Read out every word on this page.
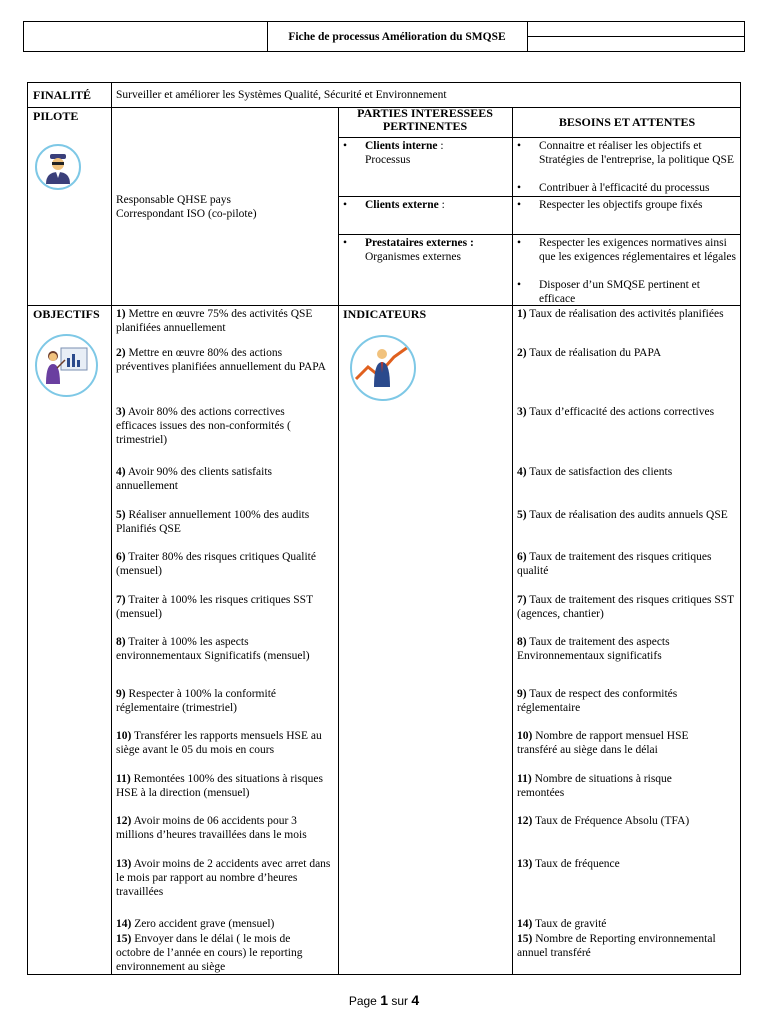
Fiche de processus Amélioration du SMQSE
FINALITÉ Surveiller et améliorer les Systèmes Qualité, Sécurité et Environnement
PILOTE
Responsable QHSE pays
Correspondant ISO (co-pilote)
PARTIES INTERESSEES PERTINENTES	BESOINS ET ATTENTES
• Clients interne :
Processus
• Connaitre et réaliser les objectifs et Stratégies de l'entreprise, la politique QSE
• Contribuer à l'efficacité du processus
• Clients externe :
•	Respecter les objectifs groupe fixés
• Prestataires externes :
Organismes externes
• Respecter les exigences normatives ainsi que les exigences réglementaires et légales
• Disposer d’un SMQSE pertinent et efficace
OBJECTIFS	INDICATEURS
1) Mettre en œuvre 75% des activités QSE planifiées annuellement
2) Mettre en œuvre 80% des actions préventives planifiées annuellement du PAPA
3) Avoir 80% des actions correctives efficaces issues des non-conformités ( trimestriel)
4) Avoir 90% des clients satisfaits annuellement
5) Réaliser annuellement 100% des audits Planifiés QSE
6) Traiter 80% des risques critiques Qualité (mensuel)
7) Traiter à 100% les risques critiques SST (mensuel)
8) Traiter à 100% les aspects environnementaux Significatifs (mensuel)
9) Respecter à 100% la conformité réglementaire (trimestriel)
10) Transférer les rapports mensuels HSE au siège avant le 05 du mois en cours
11) Remontées 100% des situations à risques HSE à la direction (mensuel)
12) Avoir moins de 06 accidents pour 3 millions d’heures travaillées dans le mois
13) Avoir moins de 2 accidents avec arret dans le mois par rapport au nombre d’heures travaillées
14) Zero accident grave (mensuel)
15) Envoyer dans le délai ( le mois de octobre de l’année en cours) le reporting environnement au siège
1) Taux de réalisation des activités planifiées
2) Taux de réalisation du PAPA
3) Taux d’efficacité des actions correctives
4) Taux de satisfaction des clients
5) Taux de réalisation des audits annuels QSE
6) Taux de traitement des risques critiques qualité
7) Taux de traitement des risques critiques SST (agences, chantier)
8) Taux de traitement des aspects Environnementaux significatifs
9) Taux de respect des conformités réglementaire
10) Nombre de rapport mensuel HSE transféré au siège dans le délai
11) Nombre de situations à risque remontées
12) Taux de Fréquence Absolu (TFA)
13) Taux de fréquence
14) Taux de gravité
15) Nombre de Reporting environnemental annuel transféré
Page 1 sur 4
